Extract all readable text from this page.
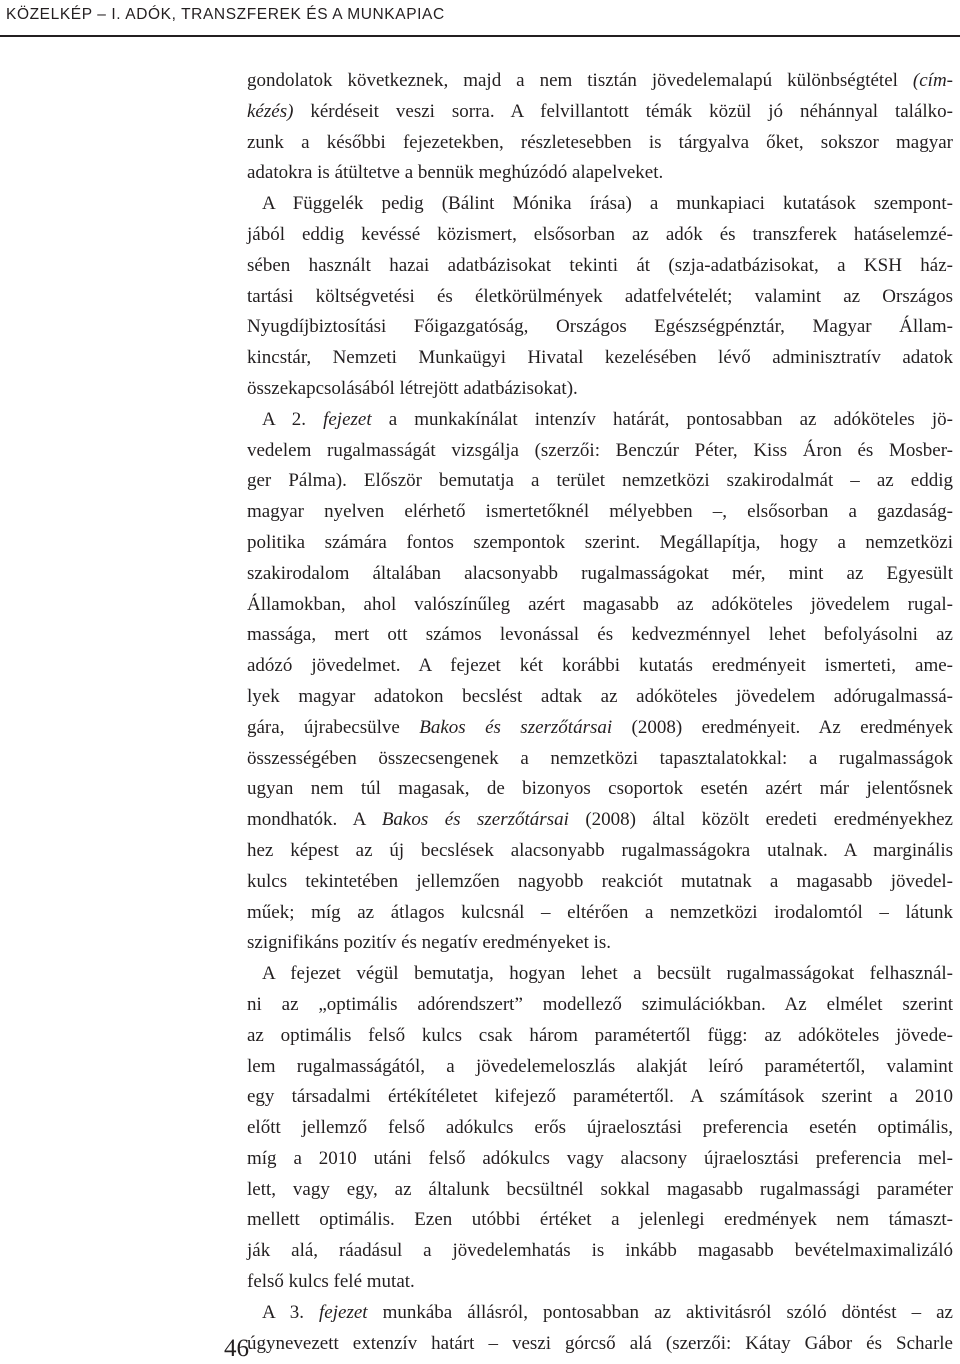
KÖZELKÉP – I. ADÓK, TRANSZFEREK ÉS A MUNKAPIAC
gondolatok következnek, majd a nem tisztán jövedelemalapú különbségtétel (cím-
kézés) kérdéseit veszi sorra. A felvillantott témák közül jó néhánnyal találko-
zunk a későbbi fejezetekben, részletesebben is tárgyalva őket, sokszor magyar
adatokra is átültetve a bennük meghúzódó alapelveket.
A Függelék pedig (Bálint Mónika írása) a munkapiaci kutatások szempont-
jából eddig kevéssé közismert, elsősorban az adók és transzferek hatáselemzé-
sében használt hazai adatbázisokat tekinti át (szja-adatbázisokat, a KSH ház-
tartási költségvetési és életkörülmények adatfelvételét; valamint az Országos
Nyugdíjbiztosítási Főigazgatóság, Országos Egészségpénztár, Magyar Állam-
kincstár, Nemzeti Munkaügyi Hivatal kezelésében lévő adminisztratív adatok
összekapcsolásából létrejött adatbázisokat).
A 2. fejezet a munkakínálat intenzív határát, pontosabban az adóköteles jö-
vedelem rugalmasságát vizsgálja (szerzői: Benczúr Péter, Kiss Áron és Mosber-
ger Pálma). Először bemutatja a terület nemzetközi szakirodalmát – az eddig
magyar nyelven elérhető ismertetőknél mélyebben –, elsősorban a gazdaság-
politika számára fontos szempontok szerint. Megállapítja, hogy a nemzetközi
szakirodalom általában alacsonyabb rugalmasságokat mér, mint az Egyesült
Államokban, ahol valószínűleg azért magasabb az adóköteles jövedelem rugal-
massága, mert ott számos levonással és kedvezménnyel lehet befolyásolni az
adózó jövedelmet. A fejezet két korábbi kutatás eredményeit ismerteti, ame-
lyek magyar adatokon becslést adtak az adóköteles jövedelem adórugalmassá-
gára, újrabecsülve Bakos és szerzőtársai (2008) eredményeit. Az eredmények
összességében összecsengenek a nemzetközi tapasztalatokkal: a rugalmasságok
ugyan nem túl magasak, de bizonyos csoportok esetén azért már jelentősnek
mondhatók. A Bakos és szerzőtársai (2008) által közölt eredeti eredményekhez
hez képest az új becslések alacsonyabb rugalmasságokra utalnak. A marginális
kulcs tekintetében jellemzően nagyobb reakciót mutatnak a magasabb jövedel-
műek; míg az átlagos kulcsnál – eltérően a nemzetközi irodalomtól – látunk
szignifikáns pozitív és negatív eredményeket is.
A fejezet végül bemutatja, hogyan lehet a becsült rugalmasságokat felhasznál-
ni az „optimális adórendszert” modellező szimulációkban. Az elmélet szerint
az optimális felső kulcs csak három paramétertől függ: az adóköteles jövede-
lem rugalmasságától, a jövedelemeloszlás alakját leíró paramétertől, valamint
egy társadalmi értékítéletet kifejező paramétertől. A számítások szerint a 2010
előtt jellemző felső adókulcs erős újraelosztási preferencia esetén optimális,
míg a 2010 utáni felső adókulcs vagy alacsony újraelosztási preferencia mel-
lett, vagy egy, az általunk becsültnél sokkal magasabb rugalmassági paraméter
mellett optimális. Ezen utóbbi értéket a jelenlegi eredmények nem támaszt-
ják alá, ráadásul a jövedelemhatás is inkább magasabb bevételmaximalizáló
felső kulcs felé mutat.
A 3. fejezet munkába állásról, pontosabban az aktivitásról szóló döntést – az
úgynevezett extenzív határt – veszi górcső alá (szerzői: Kátay Gábor és Scharle
46
